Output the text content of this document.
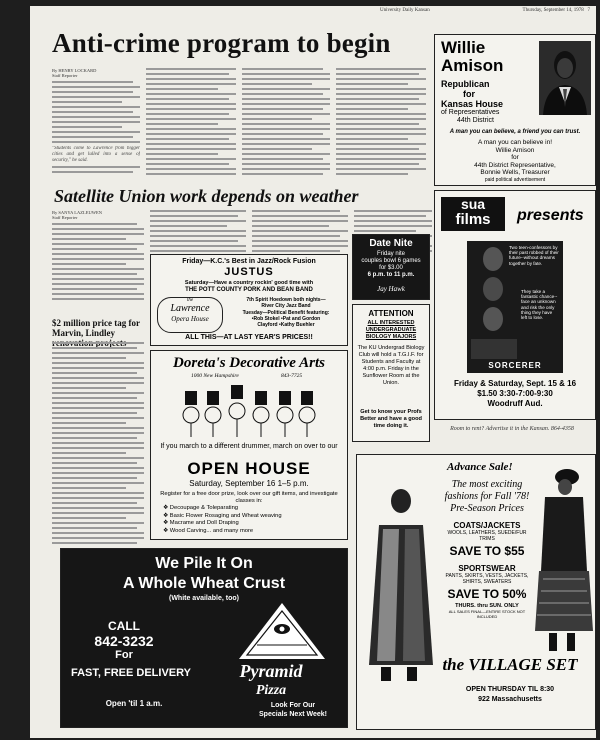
University Daily Kansan	Thursday, September 14, 1978 7
Anti-crime program to begin
By HENRY LOCKARD
Staff Reporter
"Students come to Lawrence from bigger cities and get lulled into a sense of security," he said.
Willie
Amison
Republican
for
Kansas House
of Representatives
44th District
A man you can believe, a friend you can trust.
A man you can believe in!
Willie Amison
for
44th District Representative,
Bonnie Wells, Treasurer
paid political advertisement
Satellite Union work depends on weather
By SANYA LAZLEUWEN
Staff Reporter
$2 million price tag for Marvin, Lindley
sua
films	presents
Two teen-confessors by their past robbed of their future--without dreams together by fate.
They take a fantastic chance--face an unknown and risk the only thing they have left to lose.
SORCERER
Friday & Saturday, Sept. 15 & 16
$1.50 3:30-7:00-9:30
Woodruff Aud.
Friday—K.C.'s Best in Jazz/Rock Fusion
JUSTUS
Saturday—Have a country rockin' good time with
THE POTT COUNTY PORK AND BEAN BAND
the
Lawrence
Opera House
7th Spirit Hoedown both nights—
River City Jazz Band
Tuesday—Political Benefit featuring:
•Rob Stokel •Pat and Gordon
Clayford •Kathy Buehler
ALL THIS—AT LAST YEAR'S PRICES!!
Date Nite
Friday nite
couples bowl 6 games
for $3.00
6 p.m. to 11 p.m.
Jay Hawk
ATTENTION
ALL INTERESTED
UNDERGRADUATE
BIOLOGY MAJORS
The KU Undergrad Biology Club will hold a T.G.I.F. for Students and Faculty at 4:00 p.m. Friday in the Sunflower Room at the Union.
Get to know your Profs Better and have a good time doing it.
Doreta's Decorative Arts
1000 New Hampshire	843-7725
If you march to a different drummer, march on over to our
OPEN HOUSE
Saturday, September 16 1–5 p.m.
Register for a free door prize, look over our gift items, and investigate classes in:
❖ Decoupage & Toleparating
❖ Basic Flower Rosaging and Wheat weaving
❖ Macrame and Doll Draping
❖ Wood Carving... and many more
We Pile It On
A Whole Wheat Crust
(White available, too)
CALL
842-3232
For
FAST, FREE DELIVERY	Pyramid
Pizza
Open 'til 1 a.m.	Look For Our
Specials Next Week!
Room to rent? Advertise it in the Kansan. 864-4358
Advance Sale!
The most exciting
fashions for Fall '78!
Pre-Season Prices
COATS/JACKETS
WOOLS, LEATHERS, SUEDE/FUR TRIMS
SAVE TO $55
SPORTSWEAR
PANTS, SKIRTS, VESTS, JACKETS, SHIRTS, SWEATERS
SAVE TO 50%
THURS. thru SUN. ONLY
ALL SALES FINAL—ENTIRE STOCK NOT INCLUDED
the VILLAGE SET
OPEN THURSDAY TIL 8:30
922 Massachusetts
